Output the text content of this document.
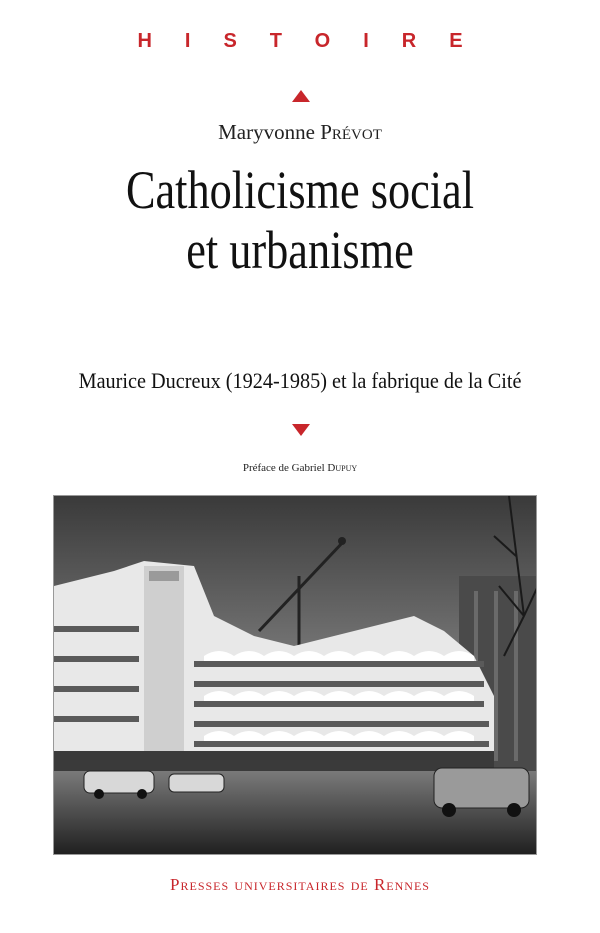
HISTOIRE
Maryvonne Prévot
Catholicisme social
et urbanisme
Maurice Ducreux (1924-1985) et la fabrique de la Cité
Préface de Gabriel Dupuy
Presses universitaires de Rennes
